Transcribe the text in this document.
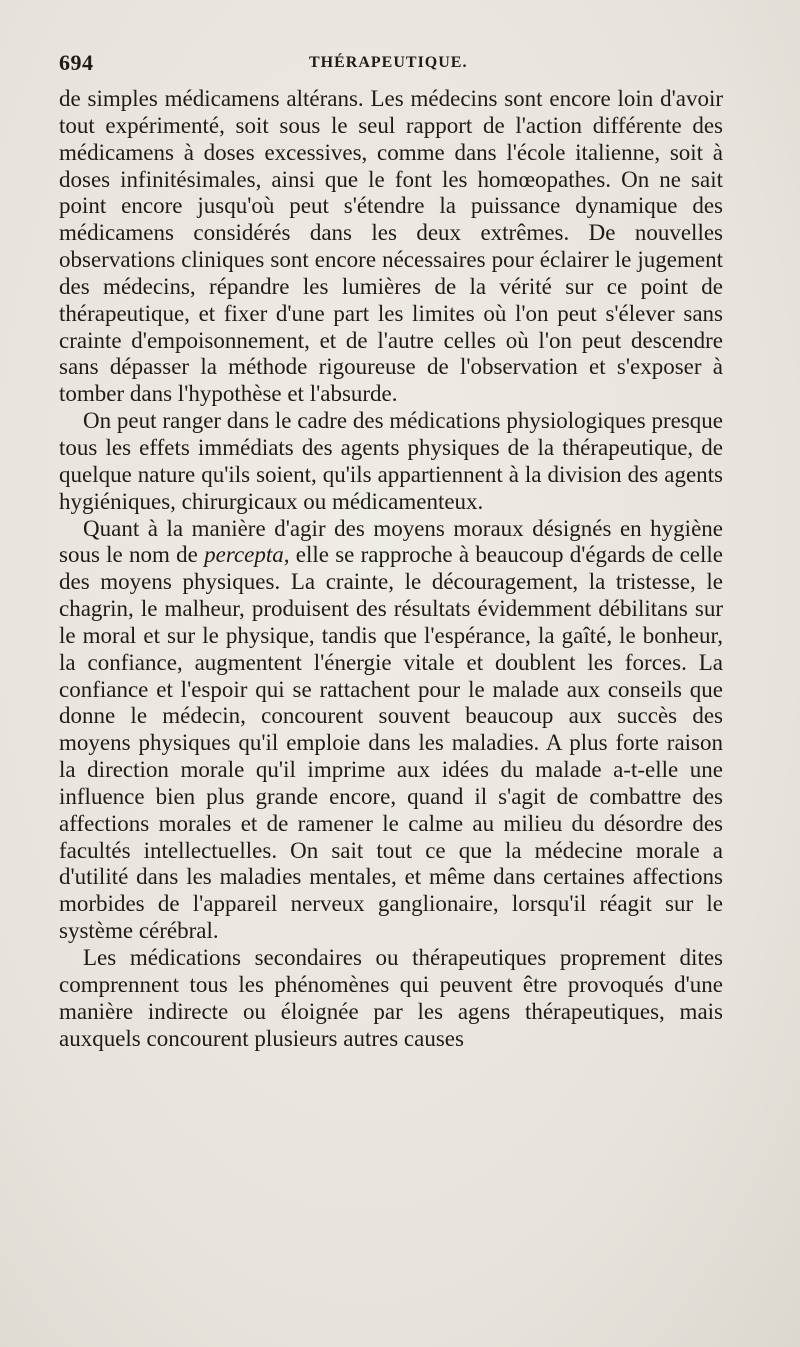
694	THÉRAPEUTIQUE.

de simples médicamens altérans. Les médecins sont encore loin d'avoir tout expérimenté, soit sous le seul rapport de l'action différente des médicamens à doses excessives, comme dans l'école italienne, soit à doses infinitésimales, ainsi que le font les homœopathes. On ne sait point encore jusqu'où peut s'étendre la puissance dynamique des médicamens considérés dans les deux extrêmes. De nouvelles observations cliniques sont encore nécessaires pour éclairer le jugement des médecins, répandre les lumières de la vérité sur ce point de thérapeutique, et fixer d'une part les limites où l'on peut s'élever sans crainte d'empoisonnement, et de l'autre celles où l'on peut descendre sans dépasser la méthode rigoureuse de l'observation et s'exposer à tomber dans l'hypothèse et l'absurde.

On peut ranger dans le cadre des médications physiologiques presque tous les effets immédiats des agents physiques de la thérapeutique, de quelque nature qu'ils soient, qu'ils appartiennent à la division des agents hygiéniques, chirurgicaux ou médicamenteux.

Quant à la manière d'agir des moyens moraux désignés en hygiène sous le nom de percepta, elle se rapproche à beaucoup d'égards de celle des moyens physiques. La crainte, le découragement, la tristesse, le chagrin, le malheur, produisent des résultats évidemment débilitans sur le moral et sur le physique, tandis que l'espérance, la gaîté, le bonheur, la confiance, augmentent l'énergie vitale et doublent les forces. La confiance et l'espoir qui se rattachent pour le malade aux conseils que donne le médecin, concourent souvent beaucoup aux succès des moyens physiques qu'il emploie dans les maladies. A plus forte raison la direction morale qu'il imprime aux idées du malade a-t-elle une influence bien plus grande encore, quand il s'agit de combattre des affections morales et de ramener le calme au milieu du désordre des facultés intellectuelles. On sait tout ce que la médecine morale a d'utilité dans les maladies mentales, et même dans certaines affections morbides de l'appareil nerveux ganglionaire, lorsqu'il réagit sur le système cérébral.

Les médications secondaires ou thérapeutiques proprement dites comprennent tous les phénomènes qui peuvent être provoqués d'une manière indirecte ou éloignée par les agens thérapeutiques, mais auxquels concourent plusieurs autres causes
